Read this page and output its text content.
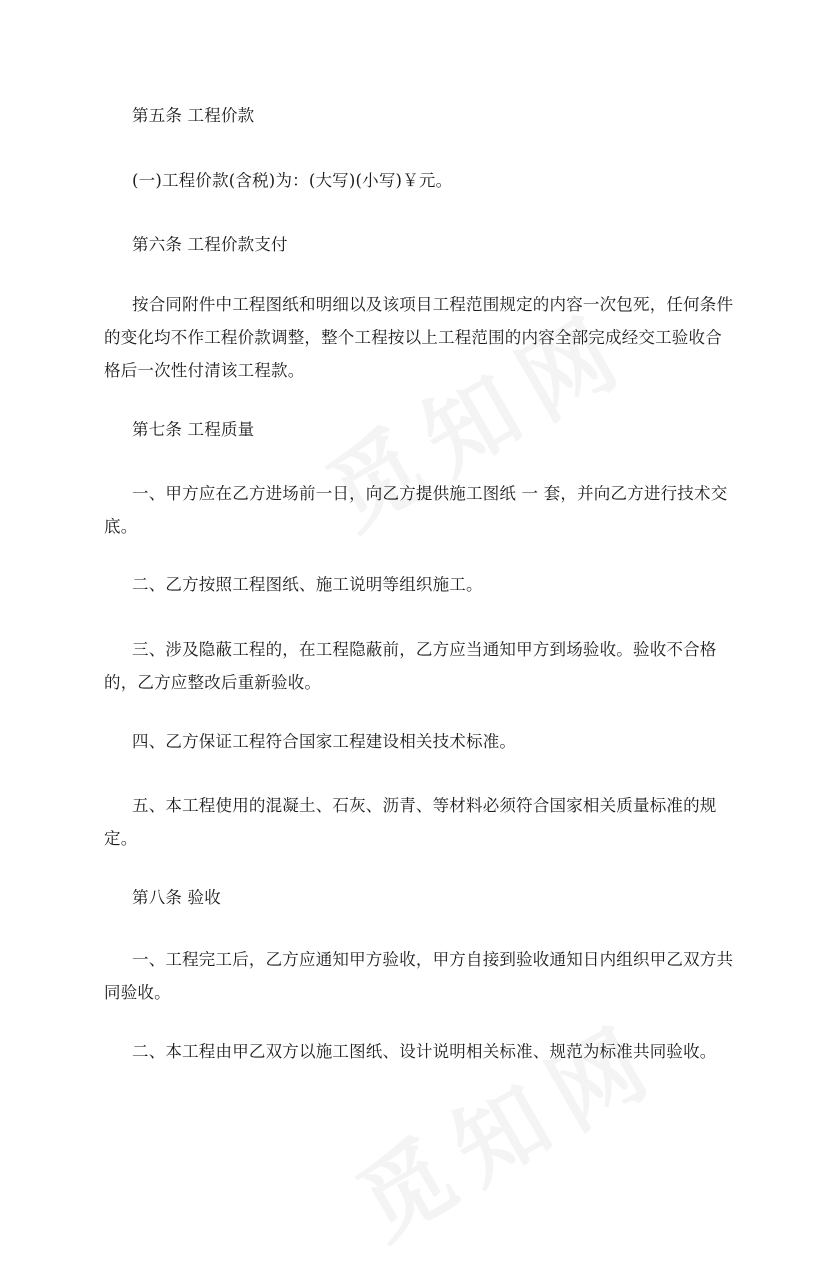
第五条 工程价款

(一)工程价款(含税)为：(大写)(小写)￥元。

第六条 工程价款支付

按合同附件中工程图纸和明细以及该项目工程范围规定的内容一次包死，任何条件的变化均不作工程价款调整，整个工程按以上工程范围的内容全部完成经交工验收合格后一次性付清该工程款。

第七条 工程质量

一、甲方应在乙方进场前一日，向乙方提供施工图纸 一 套，并向乙方进行技术交底。

二、乙方按照工程图纸、施工说明等组织施工。

三、涉及隐蔽工程的，在工程隐蔽前，乙方应当通知甲方到场验收。验收不合格的，乙方应整改后重新验收。

四、乙方保证工程符合国家工程建设相关技术标准。

五、本工程使用的混凝土、石灰、沥青、等材料必须符合国家相关质量标准的规定。

第八条 验收

一、工程完工后，乙方应通知甲方验收，甲方自接到验收通知日内组织甲乙双方共同验收。

二、本工程由甲乙双方以施工图纸、设计说明相关标准、规范为标准共同验收。
